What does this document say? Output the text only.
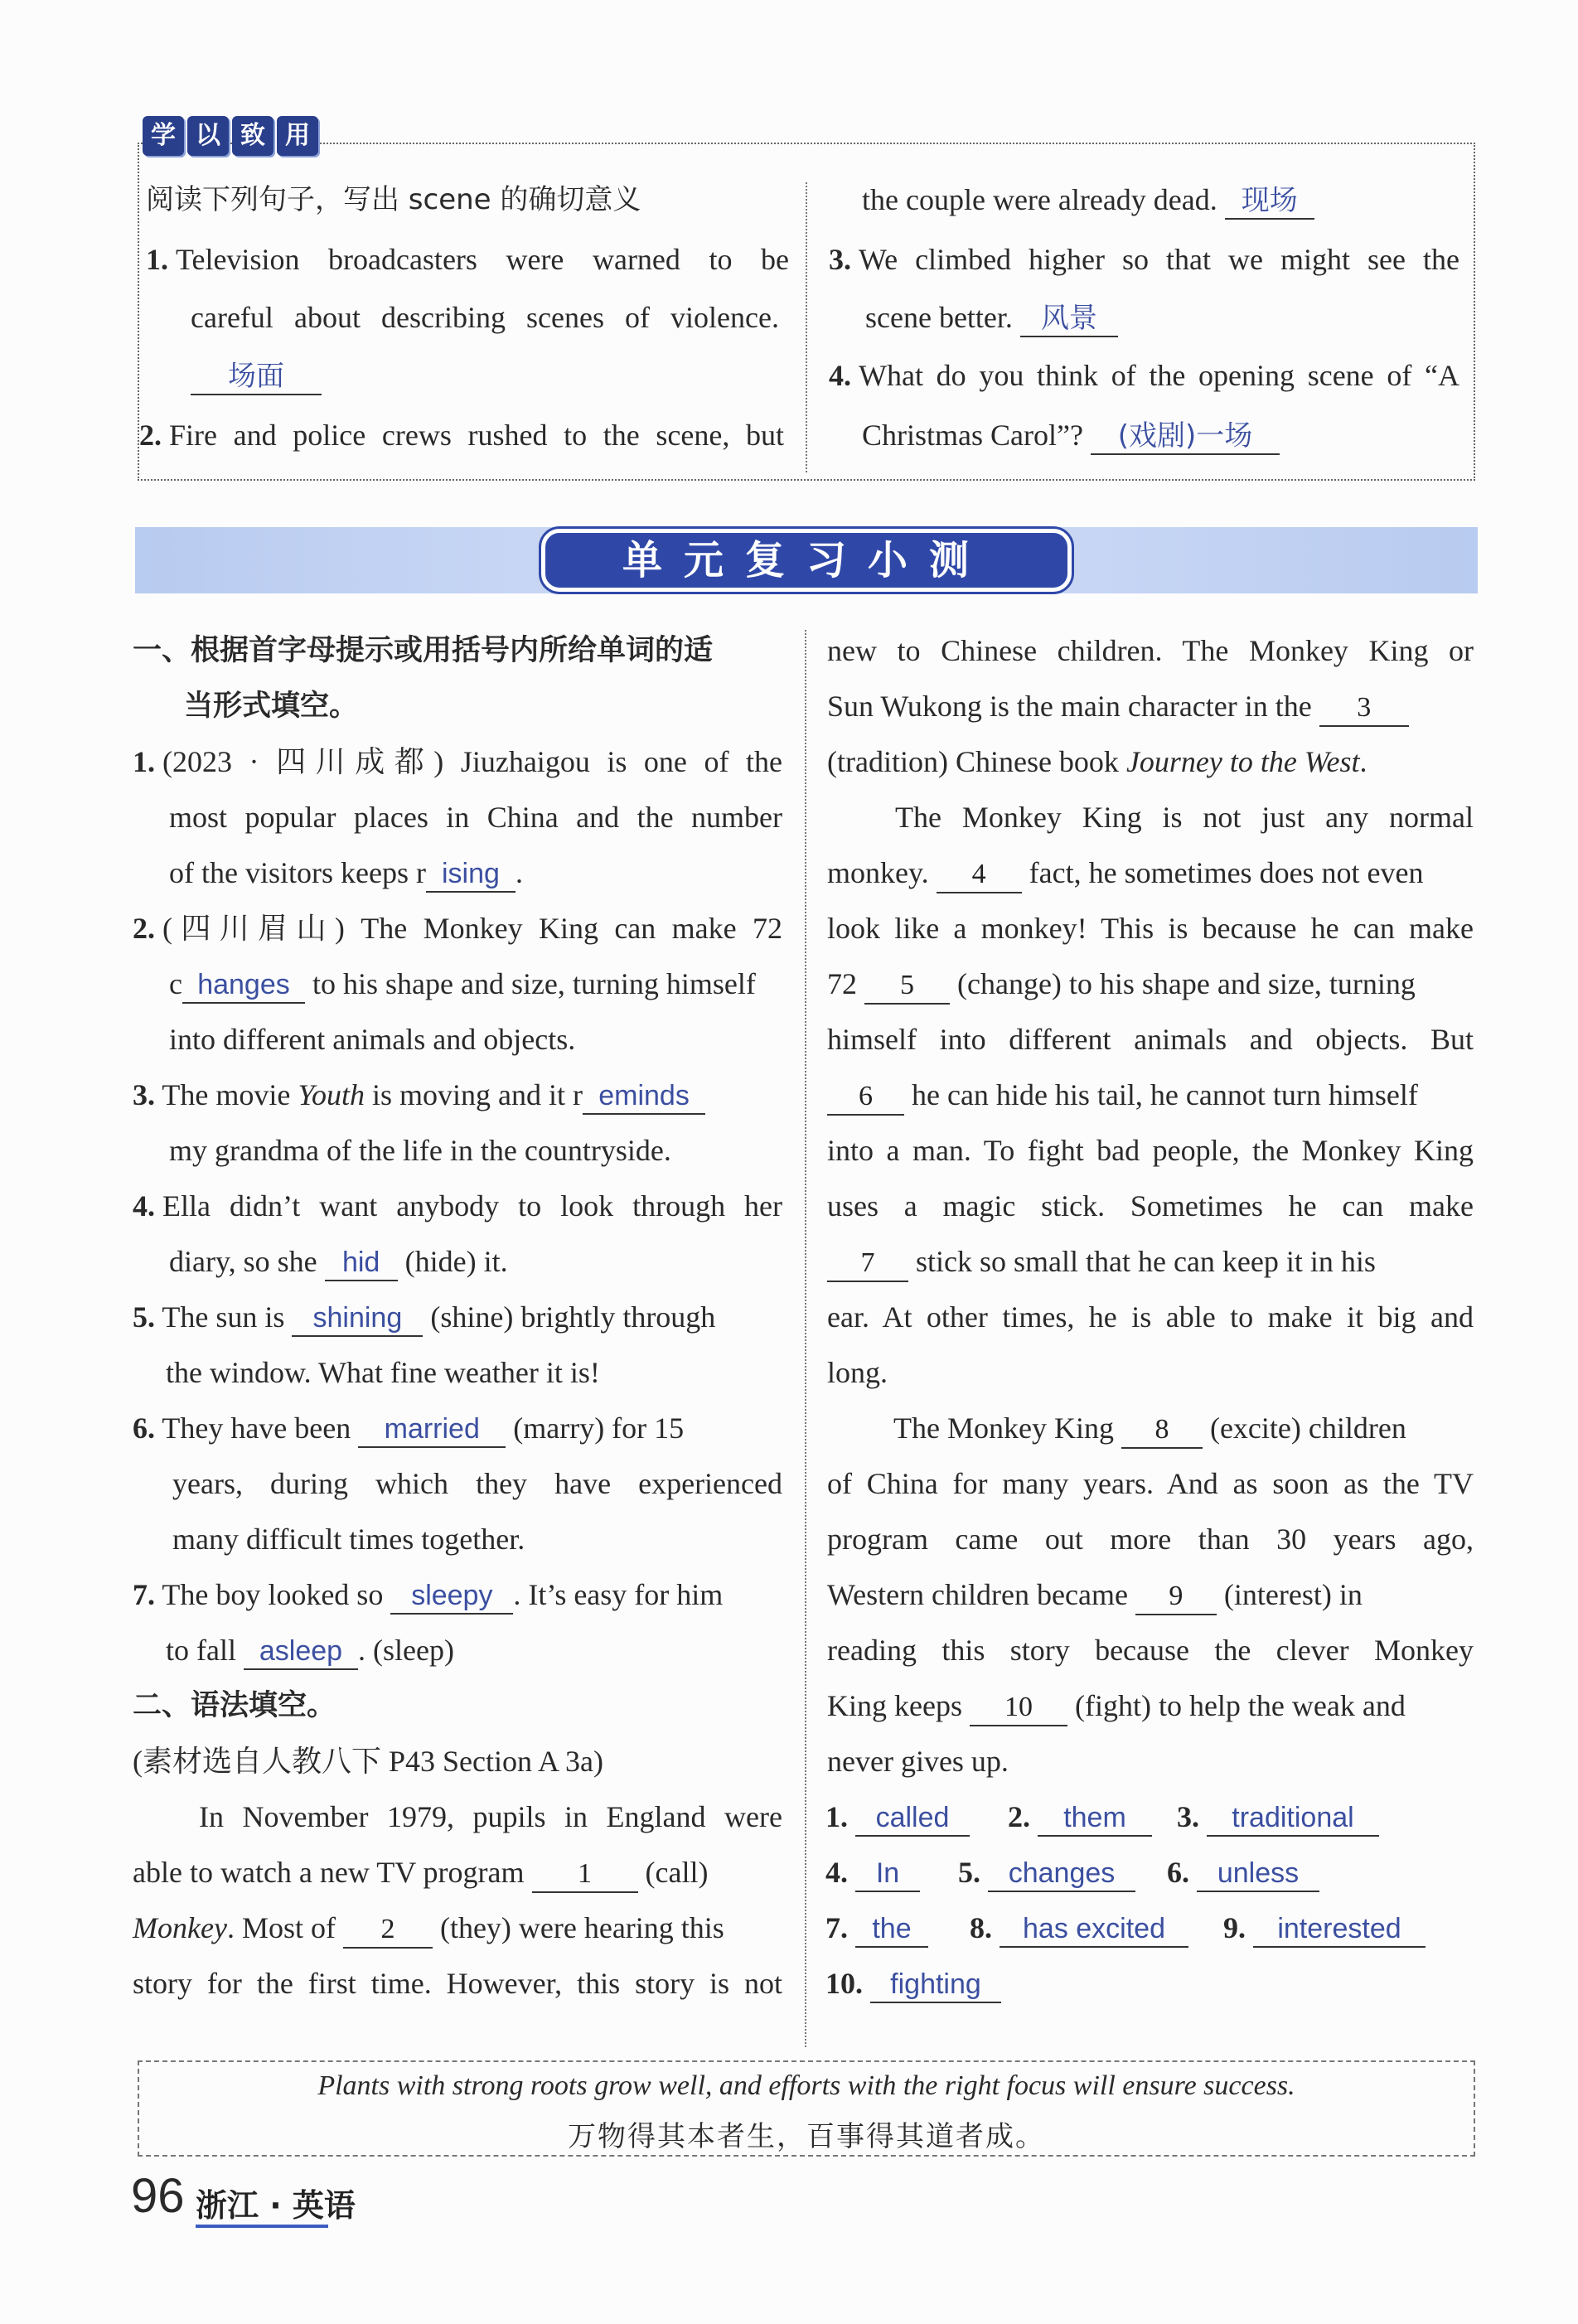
学 以 致 用
阅读下列句子，写出 scene 的确切意义
1. Television broadcasters were warned to be
careful about describing scenes of violence.
场面
2. Fire and police crews rushed to the scene, but
the couple were already dead. 现场
3. We climbed higher so that we might see the
scene better. 风景
4. What do you think of the opening scene of “A
Christmas Carol”? (戏剧)一场
单元复习小测
一、根据首字母提示或用括号内所给单词的适
当形式填空。
1. (2023 · 四川成都) Jiuzhaigou is one of the
most popular places in China and the number
of the visitors keeps r ising .
2. (四川眉山) The Monkey King can make 72
c hanges to his shape and size, turning himself
into different animals and objects.
3. The movie Youth is moving and it r eminds
my grandma of the life in the countryside.
4. Ella didn’t want anybody to look through her
diary, so she hid (hide) it.
5. The sun is shining (shine) brightly through
the window. What fine weather it is!
6. They have been married (marry) for 15
years, during which they have experienced
many difficult times together.
7. The boy looked so sleepy . It’s easy for him
to fall asleep . (sleep)
二、语法填空。
(素材选自人教八下 P43 Section A 3a)
In November 1979, pupils in England were
able to watch a new TV program 1 (call)
Monkey. Most of 2 (they) were hearing this
story for the first time. However, this story is not
new to Chinese children. The Monkey King or
Sun Wukong is the main character in the 3
(tradition) Chinese book Journey to the West.
The Monkey King is not just any normal
monkey. 4 fact, he sometimes does not even
look like a monkey! This is because he can make
72 5 (change) to his shape and size, turning
himself into different animals and objects. But
6 he can hide his tail, he cannot turn himself
into a man. To fight bad people, the Monkey King
uses a magic stick. Sometimes he can make
7 stick so small that he can keep it in his
ear. At other times, he is able to make it big and
long.
The Monkey King 8 (excite) children
of China for many years. And as soon as the TV
program came out more than 30 years ago,
Western children became 9 (interest) in
reading this story because the clever Monkey
King keeps 10 (fight) to help the weak and
never gives up.
1. called	2. them	3. traditional
4. In	5. changes	6. unless
7. the	8. has excited	9. interested
10. fighting
Plants with strong roots grow well, and efforts with the right focus will ensure success.
万物得其本者生，百事得其道者成。
96 浙江 · 英语
